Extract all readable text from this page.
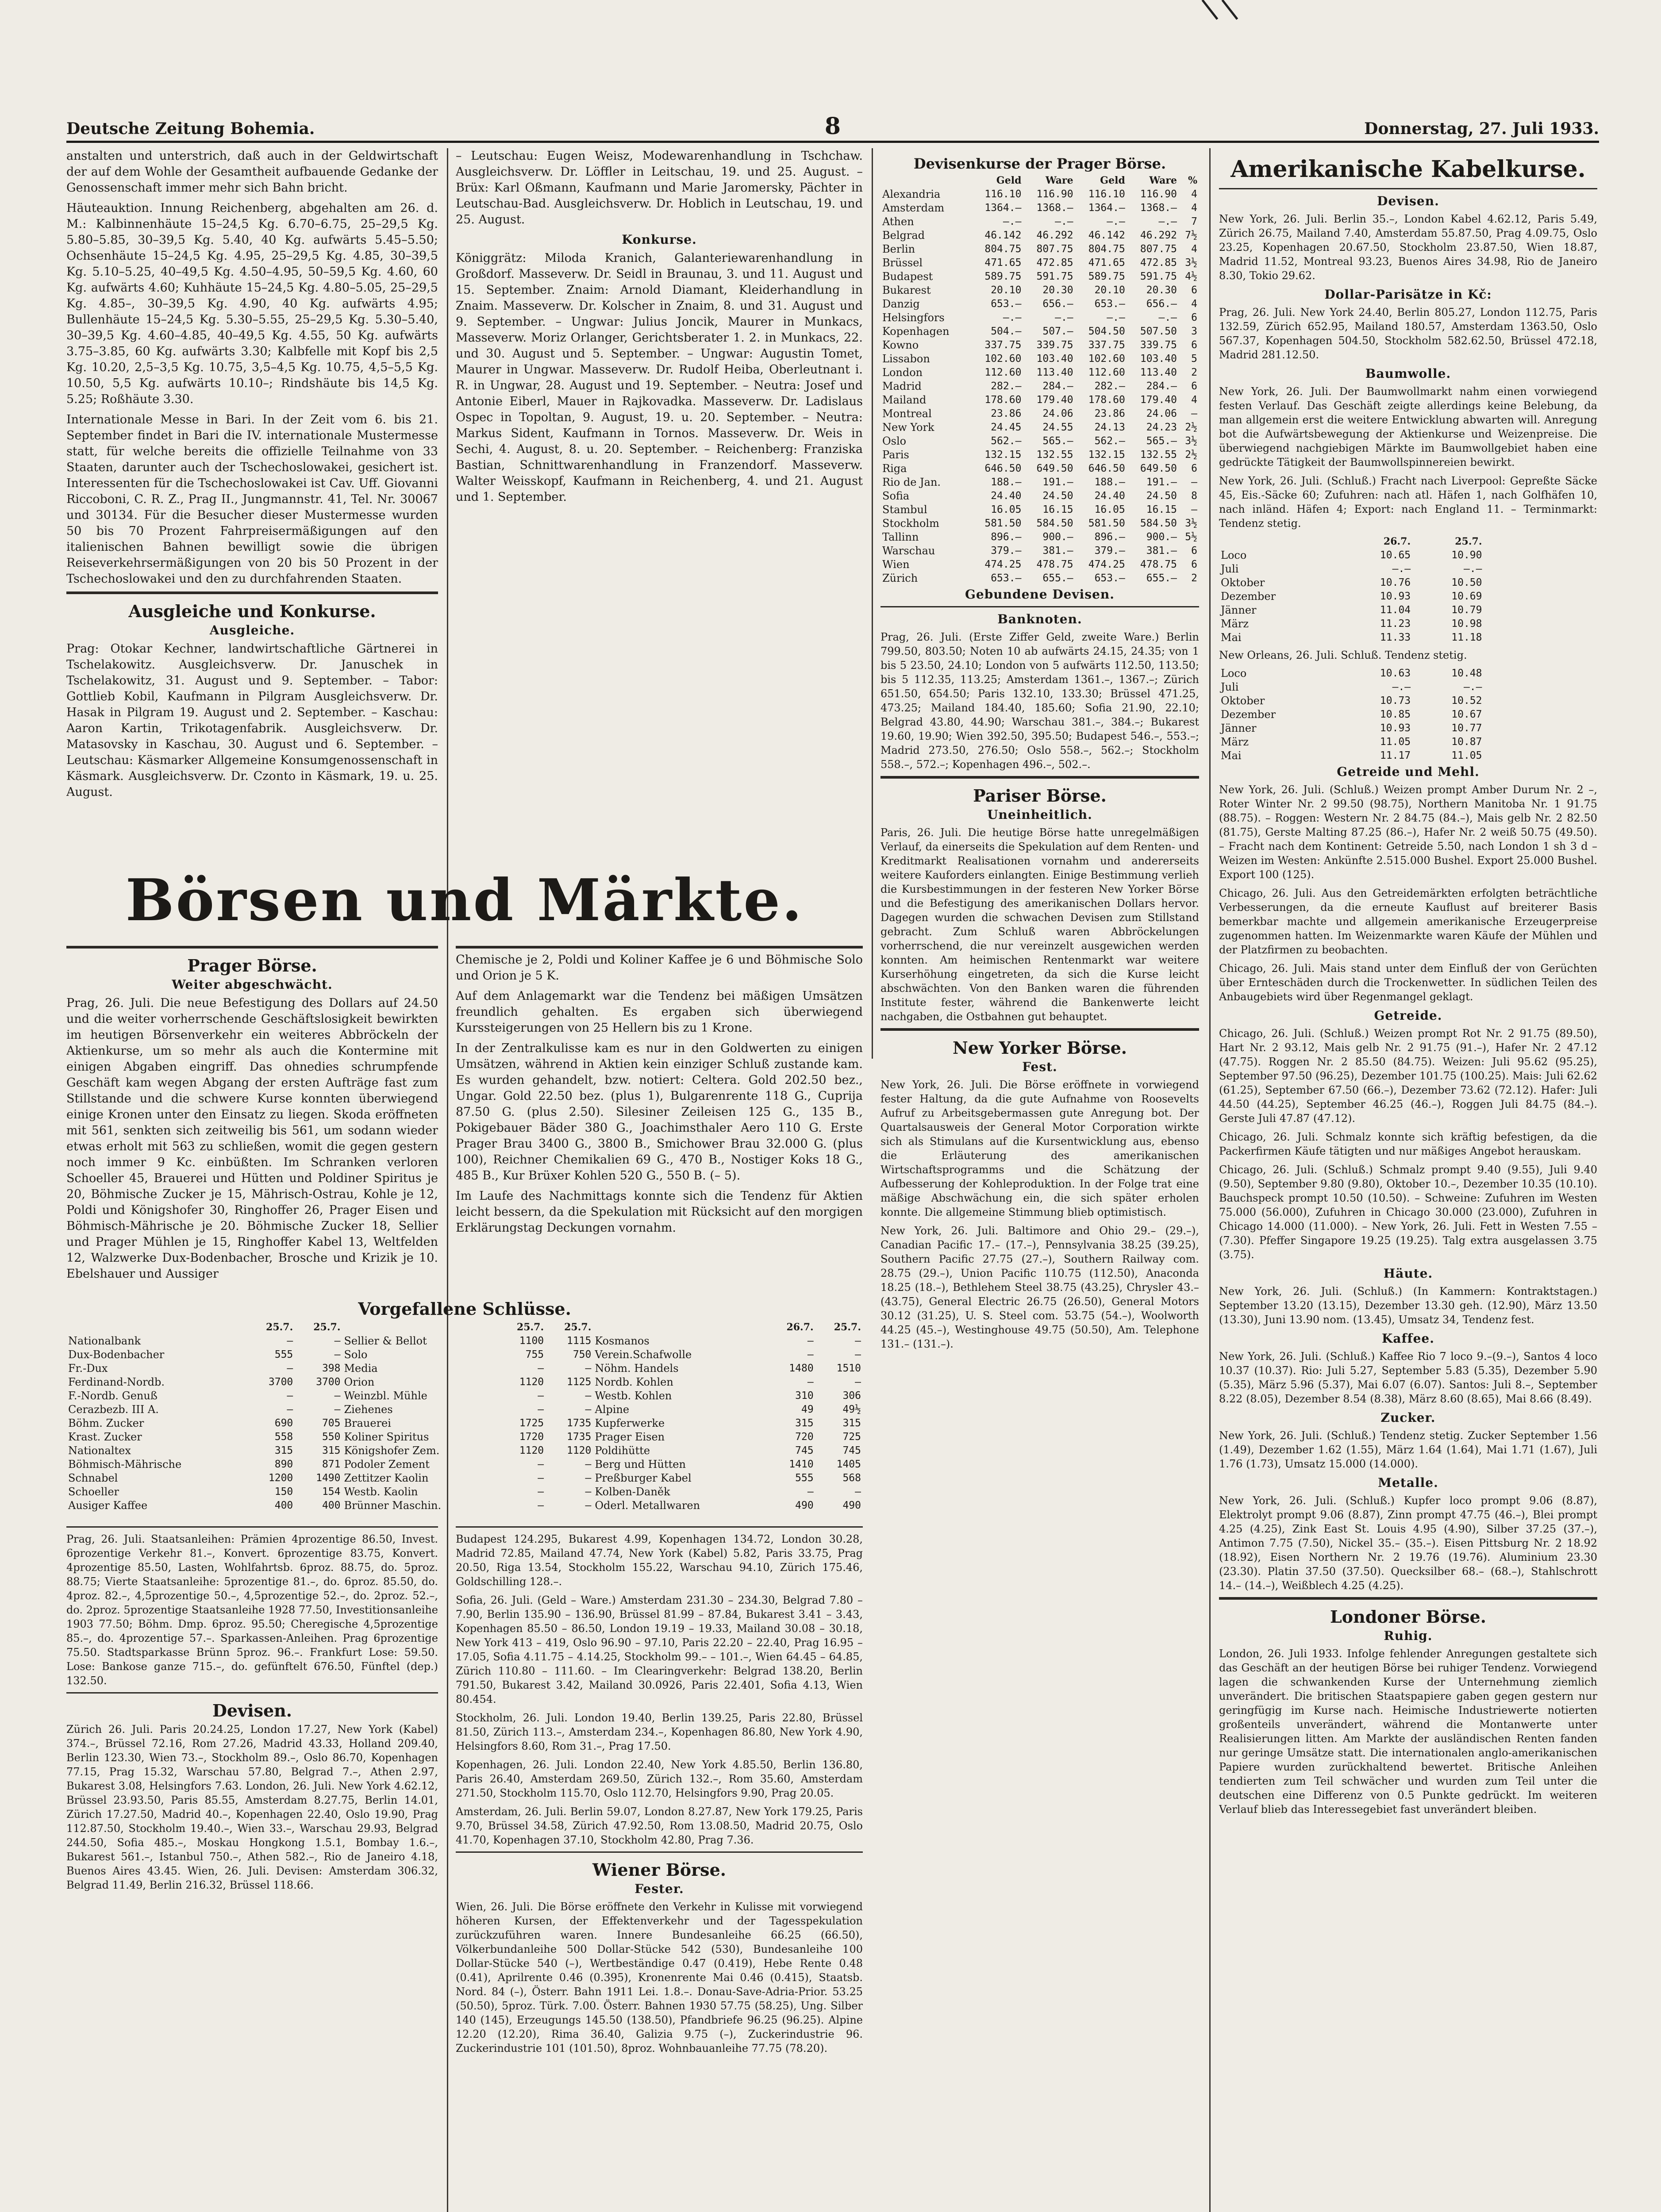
Deutsche Zeitung Bohemia.	8	Donnerstag, 27. Juli 1933.

anstalten und unterstrich, daß auch in der Geldwirtschaft der auf dem Wohle der Gesamtheit aufbauende Gedanke der Genossenschaft immer mehr sich Bahn bricht.

Häuteauktion. Innung Reichenberg, abgehalten am 26. d. M.: Kalbinnenhäute 15–24,5 Kg. 6.70–6.75, 25–29,5 Kg. 5.80–5.85, 30–39,5 Kg. 5.40, 40 Kg. aufwärts 5.45–5.50; Ochsenhäute 15–24,5 Kg. 4.95, 25–29,5 Kg. 4.85, 30–39,5 Kg. 5.10–5.25, 40–49,5 Kg. 4.50–4.95, 50–59,5 Kg. 4.60, 60 Kg. aufwärts 4.60; Kuhhäute 15–24,5 Kg. 4.80–5.05, 25–29,5 Kg. 4.85–, 30–39,5 Kg. 4.90, 40 Kg. aufwärts 4.95; Bullenhäute 15–24,5 Kg. 5.30–5.55, 25–29,5 Kg. 5.30–5.40, 30–39,5 Kg. 4.60–4.85, 40–49,5 Kg. 4.55, 50 Kg. aufwärts 3.75–3.85, 60 Kg. aufwärts 3.30; Kalbfelle mit Kopf bis 2,5 Kg. 10.20, 2,5–3,5 Kg. 10.75, 3,5–4,5 Kg. 10.75, 4,5–5,5 Kg. 10.50, 5,5 Kg. aufwärts 10.10–; Rindshäute bis 14,5 Kg. 5.25; Roßhäute 3.30.

Internationale Messe in Bari. In der Zeit vom 6. bis 21. September findet in Bari die IV. internationale Mustermesse statt, für welche bereits die offizielle Teilnahme von 33 Staaten, darunter auch der Tschechoslowakei, gesichert ist. Interessenten für die Tschechoslowakei ist Cav. Uff. Giovanni Riccoboni, C. R. Z., Prag II., Jungmannstr. 41, Tel. Nr. 30067 und 30134. Für die Besucher dieser Mustermesse wurden 50 bis 70 Prozent Fahrpreisermäßigungen auf den italienischen Bahnen bewilligt sowie die übrigen Reiseverkehrsermäßigungen von 20 bis 50 Prozent in der Tschechoslowakei und den zu durchfahrenden Staaten.

Ausgleiche und Konkurse.
Ausgleiche.

Prag: Otokar Kechner, landwirtschaftliche Gärtnerei in Tschelakowitz. Ausgleichsverw. Dr. Januschek in Tschelakowitz, 31. August und 9. September. – Tabor: Gottlieb Kobil, Kaufmann in Pilgram Ausgleichsverw. Dr. Hasak in Pilgram 19. August und 2. September. – Kaschau: Aaron Kartin, Trikotagenfabrik. Ausgleichsverw. Dr. Matasovsky in Kaschau, 30. August und 6. September. – Leutschau: Käsmarker Allgemeine Konsumgenossenschaft in Käsmark. Ausgleichsverw. Dr. Czonto in Käsmark, 19. u. 25. August.

– Leutschau: Eugen Weisz, Modewarenhandlung in Tschchaw. Ausgleichsverw. Dr. Löffler in Leitschau, 19. und 25. August. – Brüx: Karl Oßmann, Kaufmann und Marie Jaromersky, Pächter in Leutschau-Bad. Ausgleichsverw. Dr. Hoblich in Leutschau, 19. und 25. August.

Konkurse.

Königgrätz: Miloda Kranich, Galanteriewarenhandlung in Großdorf. Masseverw. Dr. Seidl in Braunau, 3. und 11. August und 15. September. Znaim: Arnold Diamant, Kleiderhandlung in Znaim. Masseverw. Dr. Kolscher in Znaim, 8. und 31. August und 9. September. – Ungwar: Julius Joncik, Maurer in Munkacs, Masseverw. Moriz Orlanger, Gerichtsberater 1. 2. in Munkacs, 22. und 30. August und 5. September. – Ungwar: Augustin Tomet, Maurer in Ungwar. Masseverw. Dr. Rudolf Heiba, Oberleutnant i. R. in Ungwar, 28. August und 19. September. – Neutra: Josef und Antonie Eiberl, Mauer in Rajkovadka. Masseverw. Dr. Ladislaus Ospec in Topoltan, 9. August, 19. u. 20. September. – Neutra: Markus Sident, Kaufmann in Tornos. Masseverw. Dr. Weis in Sechi, 4. August, 8. u. 20. September. – Reichenberg: Franziska Bastian, Schnittwarenhandlung in Franzendorf. Masseverw. Walter Weisskopf, Kaufmann in Reichenberg, 4. und 21. August und 1. September.

Börsen und Märkte.
Prager Börse.
Weiter abgeschwächt.

Prag, 26. Juli. Die neue Befestigung des Dollars auf 24.50 und die weiter vorherrschende Geschäftslosigkeit bewirkten im heutigen Börsenverkehr ein weiteres Abbröckeln der Aktienkurse, um so mehr als auch die Kontermine mit einigen Abgaben eingriff. Das ohnedies schrumpfende Geschäft kam wegen Abgang der ersten Aufträge fast zum Stillstande und die schwere Kurse konnten überwiegend einige Kronen unter den Einsatz zu liegen. Skoda eröffneten mit 561, senkten sich zeitweilig bis 561, um sodann wieder etwas erholt mit 563 zu schließen, womit die gegen gestern noch immer 9 Kc. einbüßten. Im Schranken verloren Schoeller 45, Brauerei und Hütten und Poldiner Spiritus je 20, Böhmische Zucker je 15, Mährisch-Ostrau, Kohle je 12, Poldi und Königshofer 30, Ringhoffer 26, Prager Eisen und Böhmisch-Mährische je 20. Böhmische Zucker 18, Sellier und Prager Mühlen je 15, Ringhoffer Kabel 13, Weltfelden 12, Walzwerke Dux-Bodenbacher, Brosche und Krizik je 10. Ebelshauer und Aussiger

Chemische je 2, Poldi und Koliner Kaffee je 6 und Böhmische Solo und Orion je 5 K.

Auf dem Anlagemarkt war die Tendenz bei mäßigen Umsätzen freundlich gehalten. Es ergaben sich überwiegend Kurssteigerungen von 25 Hellern bis zu 1 Krone.

In der Zentralkulisse kam es nur in den Goldwerten zu einigen Umsätzen, während in Aktien kein einziger Schluß zustande kam. Es wurden gehandelt, bzw. notiert: Celtera. Gold 202.50 bez., Ungar. Gold 22.50 bez. (plus 1), Bulgarenrente 118 G., Cuprija 87.50 G. (plus 2.50). Silesiner Zeileisen 125 G., 135 B., Pokigebauer Bäder 380 G., Joachimsthaler Aero 110 G. Erste Prager Brau 3400 G., 3800 B., Smichower Brau 32.000 G. (plus 100), Reichner Chemikalien 69 G., 470 B., Nostiger Koks 18 G., 485 B., Kur Brüxer Kohlen 520 G., 550 B. (– 5).

Im Laufe des Nachmittags konnte sich die Tendenz für Aktien leicht bessern, da die Spekulation mit Rücksicht auf den morgigen Erklärungstag Deckungen vornahm.

Vorgefallene Schlüsse.
	25.7.	25.7.		25.7.	25.7.		26.7.	25.7.
Nationalbank	–	–	Sellier & Bellot	1100	1115	Kosmanos	–	–
Dux-Bodenbacher	555	–	Solo	755	750	Verein.Schafwolle	–	–
Fr.-Dux	–	398	Media	–	–	Nöhm. Handels	1480	1510
Ferdinand-Nordb.	3700	3700	Orion	1120	1125	Nordb. Kohlen	–	–
F.-Nordb. Genuß	–	–	Weinzbl. Mühle	–	–	Westb. Kohlen	310	306
Cerazbezb. III A.	–	–	Ziehenes	–	–	Alpine	49	49½
Böhm. Zucker	690	705	Brauerei	1725	1735	Kupferwerke	315	315
Krast. Zucker	558	550	Koliner Spiritus	1720	1735	Prager Eisen	720	725
Nationaltex	315	315	Königshofer Zem.	1120	1120	Poldihütte	745	745
Böhmisch-Mährische	890	871	Podoler Zement	–	–	Berg und Hütten	1410	1405
Schnabel	1200	1490	Zettitzer Kaolin	–	–	Preßburger Kabel	555	568
Schoeller	150	154	Westb. Kaolin	–	–	Kolben-Daněk	–	–
Ausiger Kaffee	400	400	Brünner Maschin.	–	–	Oderl. Metallwaren	490	490

Prag, 26. Juli. Staatsanleihen: Prämien 4prozentige 86.50, Invest. 6prozentige Verkehr 81.–, Konvert. 6prozentige 83.75, Konvert. 4prozentige 85.50, Lasten, Wohlfahrtsb. 6proz. 88.75, do. 5proz. 88.75; Vierte Staatsanleihe: 5prozentige 81.–, do. 6proz. 85.50, do. 4proz. 82.–, 4,5prozentige 50.–, 4,5prozentige 52.–, do. 2proz. 52.–, do. 2proz. 5prozentige Staatsanleihe 1928 77.50, Investitionsanleihe 1903 77.50; Böhm. Dmp. 6proz. 95.50; Cheregische 4,5prozentige 85.–, do. 4prozentige 57.–. Sparkassen-Anleihen. Prag 6prozentige 75.50. Stadtsparkasse Brünn 5proz. 96.–. Frankfurt Lose: 59.50. Lose: Bankose ganze 715.–, do. gefünftelt 676.50, Fünftel (dep.) 132.50.

Devisen.

Zürich 26. Juli. Paris 20.24.25, London 17.27, New York (Kabel) 374.–, Brüssel 72.16, Rom 27.26, Madrid 43.33, Holland 209.40, Berlin 123.30, Wien 73.–, Stockholm 89.–, Oslo 86.70, Kopenhagen 77.15, Prag 15.32, Warschau 57.80, Belgrad 7.–, Athen 2.97, Bukarest 3.08, Helsingfors 7.63. London, 26. Juli. New York 4.62.12, Brüssel 23.93.50, Paris 85.55, Amsterdam 8.27.75, Berlin 14.01, Zürich 17.27.50, Madrid 40.–, Kopenhagen 22.40, Oslo 19.90, Prag 112.87.50, Stockholm 19.40.–, Wien 33.–, Warschau 29.93, Belgrad 244.50, Sofia 485.–, Moskau Hongkong 1.5.1, Bombay 1.6.–, Bukarest 561.–, Istanbul 750.–, Athen 582.–, Rio de Janeiro 4.18, Buenos Aires 43.45. Wien, 26. Juli. Devisen: Amsterdam 306.32, Belgrad 11.49, Berlin 216.32, Brüssel 118.66.

Budapest 124.295, Bukarest 4.99, Kopenhagen 134.72, London 30.28, Madrid 72.85, Mailand 47.74, New York (Kabel) 5.82, Paris 33.75, Prag 20.50, Riga 13.54, Stockholm 155.22, Warschau 94.10, Zürich 175.46, Goldschilling 128.–.

Sofia, 26. Juli. (Geld – Ware.) Amsterdam 231.30 – 234.30, Belgrad 7.80 – 7.90, Berlin 135.90 – 136.90, Brüssel 81.99 – 87.84, Bukarest 3.41 – 3.43, Kopenhagen 85.50 – 86.50, London 19.19 – 19.33, Mailand 30.08 – 30.18, New York 413 – 419, Oslo 96.90 – 97.10, Paris 22.20 – 22.40, Prag 16.95 – 17.05, Sofia 4.11.75 – 4.14.25, Stockholm 99.– – 101.–, Wien 64.45 – 64.85, Zürich 110.80 – 111.60. – Im Clearingverkehr: Belgrad 138.20, Berlin 791.50, Bukarest 3.42, Mailand 30.0926, Paris 22.401, Sofia 4.13, Wien 80.454.

Stockholm, 26. Juli. London 19.40, Berlin 139.25, Paris 22.80, Brüssel 81.50, Zürich 113.–, Amsterdam 234.–, Kopenhagen 86.80, New York 4.90, Helsingfors 8.60, Rom 31.–, Prag 17.50.

Kopenhagen, 26. Juli. London 22.40, New York 4.85.50, Berlin 136.80, Paris 26.40, Amsterdam 269.50, Zürich 132.–, Rom 35.60, Amsterdam 271.50, Stockholm 115.70, Oslo 112.70, Helsingfors 9.90, Prag 20.05.

Amsterdam, 26. Juli. Berlin 59.07, London 8.27.87, New York 179.25, Paris 9.70, Brüssel 34.58, Zürich 47.92.50, Rom 13.08.50, Madrid 20.75, Oslo 41.70, Kopenhagen 37.10, Stockholm 42.80, Prag 7.36.

Wiener Börse.
Fester.

Wien, 26. Juli. Die Börse eröffnete den Verkehr in Kulisse mit vorwiegend höheren Kursen, der Effektenverkehr und der Tagesspekulation zurückzuführen waren. Innere Bundesanleihe 66.25 (66.50), Völkerbundanleihe 500 Dollar-Stücke 542 (530), Bundesanleihe 100 Dollar-Stücke 540 (–), Wertbeständige 0.47 (0.419), Hebe Rente 0.48 (0.41), Aprilrente 0.46 (0.395), Kronenrente Mai 0.46 (0.415), Staatsb. Nord. 84 (–), Österr. Bahn 1911 Lei. 1.8.–. Donau-Save-Adria-Prior. 53.25 (50.50), 5proz. Türk. 7.00. Österr. Bahnen 1930 57.75 (58.25), Ung. Silber 140 (145), Erzeugungs 145.50 (138.50), Pfandbriefe 96.25 (96.25). Alpine 12.20 (12.20), Rima 36.40, Galizia 9.75 (–), Zuckerindustrie 96. Zuckerindustrie 101 (101.50), 8proz. Wohnbauanleihe 77.75 (78.20).

Devisenkurse der Prager Börse.
	Geld	Ware	Geld	Ware	%
Alexandria	116.10	116.90	116.10	116.90	4
Amsterdam	1364.–	1368.–	1364.–	1368.–	4
Athen	–.–	–.–	–.–	–.–	7
Belgrad	46.142	46.292	46.142	46.292	7½
Berlin	804.75	807.75	804.75	807.75	4
Brüssel	471.65	472.85	471.65	472.85	3½
Budapest	589.75	591.75	589.75	591.75	4½
Bukarest	20.10	20.30	20.10	20.30	6
Danzig	653.–	656.–	653.–	656.–	4
Helsingfors	–.–	–.–	–.–	–.–	6
Kopenhagen	504.–	507.–	504.50	507.50	3
Kowno	337.75	339.75	337.75	339.75	6
Lissabon	102.60	103.40	102.60	103.40	5
London	112.60	113.40	112.60	113.40	2
Madrid	282.–	284.–	282.–	284.–	6
Mailand	178.60	179.40	178.60	179.40	4
Montreal	23.86	24.06	23.86	24.06	–
New York	24.45	24.55	24.13	24.23	2½
Oslo	562.–	565.–	562.–	565.–	3½
Paris	132.15	132.55	132.15	132.55	2½
Riga	646.50	649.50	646.50	649.50	6
Rio de Jan.	188.–	191.–	188.–	191.–	–
Sofia	24.40	24.50	24.40	24.50	8
Stambul	16.05	16.15	16.05	16.15	–
Stockholm	581.50	584.50	581.50	584.50	3½
Tallinn	896.–	900.–	896.–	900.–	5½
Warschau	379.–	381.–	379.–	381.–	6
Wien	474.25	478.75	474.25	478.75	6
Zürich	653.–	655.–	653.–	655.–	2
Gebundene Devisen.
Banknoten.

Prag, 26. Juli. (Erste Ziffer Geld, zweite Ware.) Berlin 799.50, 803.50; Noten 10 ab aufwärts 24.15, 24.35; von 1 bis 5 23.50, 24.10; London von 5 aufwärts 112.50, 113.50; bis 5 112.35, 113.25; Amsterdam 1361.–, 1367.–; Zürich 651.50, 654.50; Paris 132.10, 133.30; Brüssel 471.25, 473.25; Mailand 184.40, 185.60; Sofia 21.90, 22.10; Belgrad 43.80, 44.90; Warschau 381.–, 384.–; Bukarest 19.60, 19.90; Wien 392.50, 395.50; Budapest 546.–, 553.–; Madrid 273.50, 276.50; Oslo 558.–, 562.–; Stockholm 558.–, 572.–; Kopenhagen 496.–, 502.–.

Pariser Börse.
Uneinheitlich.

Paris, 26. Juli. Die heutige Börse hatte unregelmäßigen Verlauf, da einerseits die Spekulation auf dem Renten- und Kreditmarkt Realisationen vornahm und andererseits weitere Kauforders einlangten. Einige Bestimmung verlieh die Kursbestimmungen in der festeren New Yorker Börse und die Befestigung des amerikanischen Dollars hervor. Dagegen wurden die schwachen Devisen zum Stillstand gebracht. Zum Schluß waren Abbröckelungen vorherrschend, die nur vereinzelt ausgewichen werden konnten. Am heimischen Rentenmarkt war weitere Kurserhöhung eingetreten, da sich die Kurse leicht abschwächten. Von den Banken waren die führenden Institute fester, während die Bankenwerte leicht nachgaben, die Ostbahnen gut behauptet.

New Yorker Börse.
Fest.

New York, 26. Juli. Die Börse eröffnete in vorwiegend fester Haltung, da die gute Aufnahme von Roosevelts Aufruf zu Arbeitsgebermassen gute Anregung bot. Der Quartalsausweis der General Motor Corporation wirkte sich als Stimulans auf die Kursentwicklung aus, ebenso die Erläuterung des amerikanischen Wirtschaftsprogramms und die Schätzung der Aufbesserung der Kohleproduktion. In der Folge trat eine mäßige Abschwächung ein, die sich später erholen konnte. Die allgemeine Stimmung blieb optimistisch.

New York, 26. Juli. Baltimore and Ohio 29.– (29.–), Canadian Pacific 17.– (17.–), Pennsylvania 38.25 (39.25), Southern Pacific 27.75 (27.–), Southern Railway com. 28.75 (29.–), Union Pacific 110.75 (112.50), Anaconda 18.25 (18.–), Bethlehem Steel 38.75 (43.25), Chrysler 43.– (43.75), General Electric 26.75 (26.50), General Motors 30.12 (31.25), U. S. Steel com. 53.75 (54.–), Woolworth 44.25 (45.–), Westinghouse 49.75 (50.50), Am. Telephone 131.– (131.–).

Amerikanische Kabelkurse.
Devisen.

New York, 26. Juli. Berlin 35.–, London Kabel 4.62.12, Paris 5.49, Zürich 26.75, Mailand 7.40, Amsterdam 55.87.50, Prag 4.09.75, Oslo 23.25, Kopenhagen 20.67.50, Stockholm 23.87.50, Wien 18.87, Madrid 11.52, Montreal 93.23, Buenos Aires 34.98, Rio de Janeiro 8.30, Tokio 29.62.

Dollar-Parisätze in Kč:

Prag, 26. Juli. New York 24.40, Berlin 805.27, London 112.75, Paris 132.59, Zürich 652.95, Mailand 180.57, Amsterdam 1363.50, Oslo 567.37, Kopenhagen 504.50, Stockholm 582.62.50, Brüssel 472.18, Madrid 281.12.50.

Baumwolle.

New York, 26. Juli. Der Baumwollmarkt nahm einen vorwiegend festen Verlauf. Das Geschäft zeigte allerdings keine Belebung, da man allgemein erst die weitere Entwicklung abwarten will. Anregung bot die Aufwärtsbewegung der Aktienkurse und Weizenpreise. Die überwiegend nachgiebigen Märkte im Baumwollgebiet haben eine gedrückte Tätigkeit der Baumwollspinnereien bewirkt.

New York, 26. Juli. (Schluß.) Fracht nach Liverpool: Gepreßte Säcke 45, Eis.-Säcke 60; Zufuhren: nach atl. Häfen 1, nach Golfhäfen 10, nach inländ. Häfen 4; Export: nach England 11. – Terminmarkt: Tendenz stetig.

	26.7.	25.7.
Loco	10.65	10.90
Juli	–.–	–.–
Oktober	10.76	10.50
Dezember	10.93	10.69
Jänner	11.04	10.79
März	11.23	10.98
Mai	11.33	11.18

New Orleans, 26. Juli. Schluß. Tendenz stetig.

Loco	10.63	10.48
Juli	–.–	–.–
Oktober	10.73	10.52
Dezember	10.85	10.67
Jänner	10.93	10.77
März	11.05	10.87
Mai	11.17	11.05
Getreide und Mehl.

New York, 26. Juli. (Schluß.) Weizen prompt Amber Durum Nr. 2 –, Roter Winter Nr. 2 99.50 (98.75), Northern Manitoba Nr. 1 91.75 (88.75). – Roggen: Western Nr. 2 84.75 (84.–), Mais gelb Nr. 2 82.50 (81.75), Gerste Malting 87.25 (86.–), Hafer Nr. 2 weiß 50.75 (49.50). – Fracht nach dem Kontinent: Getreide 5.50, nach London 1 sh 3 d – Weizen im Westen: Ankünfte 2.515.000 Bushel. Export 25.000 Bushel. Export 100 (125).

Chicago, 26. Juli. Aus den Getreidemärkten erfolgten beträchtliche Verbesserungen, da die erneute Kauflust auf breiterer Basis bemerkbar machte und allgemein amerikanische Erzeugerpreise zugenommen hatten. Im Weizenmarkte waren Käufe der Mühlen und der Platzfirmen zu beobachten.

Chicago, 26. Juli. Mais stand unter dem Einfluß der von Gerüchten über Ernteschäden durch die Trockenwetter. In südlichen Teilen des Anbaugebiets wird über Regenmangel geklagt.

Getreide.

Chicago, 26. Juli. (Schluß.) Weizen prompt Rot Nr. 2 91.75 (89.50), Hart Nr. 2 93.12, Mais gelb Nr. 2 91.75 (91.–), Hafer Nr. 2 47.12 (47.75). Roggen Nr. 2 85.50 (84.75). Weizen: Juli 95.62 (95.25), September 97.50 (96.25), Dezember 101.75 (100.25). Mais: Juli 62.62 (61.25), September 67.50 (66.–), Dezember 73.62 (72.12). Hafer: Juli 44.50 (44.25), September 46.25 (46.–), Roggen Juli 84.75 (84.–). Gerste Juli 47.87 (47.12).

Chicago, 26. Juli. Schmalz konnte sich kräftig befestigen, da die Packerfirmen Käufe tätigten und nur mäßiges Angebot herauskam.

Chicago, 26. Juli. (Schluß.) Schmalz prompt 9.40 (9.55), Juli 9.40 (9.50), September 9.80 (9.80), Oktober 10.–, Dezember 10.35 (10.10). Bauchspeck prompt 10.50 (10.50). – Schweine: Zufuhren im Westen 75.000 (56.000), Zufuhren in Chicago 30.000 (23.000), Zufuhren in Chicago 14.000 (11.000). – New York, 26. Juli. Fett in Westen 7.55 – (7.30). Pfeffer Singapore 19.25 (19.25). Talg extra ausgelassen 3.75 (3.75).

Häute.

New York, 26. Juli. (Schluß.) (In Kammern: Kontraktstagen.) September 13.20 (13.15), Dezember 13.30 geh. (12.90), März 13.50 (13.30), Juni 13.90 nom. (13.45), Umsatz 34, Tendenz fest.

Kaffee.

New York, 26. Juli. (Schluß.) Kaffee Rio 7 loco 9.–(9.–), Santos 4 loco 10.37 (10.37). Rio: Juli 5.27, September 5.83 (5.35), Dezember 5.90 (5.35), März 5.96 (5.37), Mai 6.07 (6.07). Santos: Juli 8.–, September 8.22 (8.05), Dezember 8.54 (8.38), März 8.60 (8.65), Mai 8.66 (8.49).

Zucker.

New York, 26. Juli. (Schluß.) Tendenz stetig. Zucker September 1.56 (1.49), Dezember 1.62 (1.55), März 1.64 (1.64), Mai 1.71 (1.67), Juli 1.76 (1.73), Umsatz 15.000 (14.000).

Metalle.

New York, 26. Juli. (Schluß.) Kupfer loco prompt 9.06 (8.87), Elektrolyt prompt 9.06 (8.87), Zinn prompt 47.75 (46.–), Blei prompt 4.25 (4.25), Zink East St. Louis 4.95 (4.90), Silber 37.25 (37.–), Antimon 7.75 (7.50), Nickel 35.– (35.–). Eisen Pittsburg Nr. 2 18.92 (18.92), Eisen Northern Nr. 2 19.76 (19.76). Aluminium 23.30 (23.30). Platin 37.50 (37.50). Quecksilber 68.– (68.–), Stahlschrott 14.– (14.–), Weißblech 4.25 (4.25).

Londoner Börse.
Ruhig.

London, 26. Juli 1933. Infolge fehlender Anregungen gestaltete sich das Geschäft an der heutigen Börse bei ruhiger Tendenz. Vorwiegend lagen die schwankenden Kurse der Unternehmung ziemlich unverändert. Die britischen Staatspapiere gaben gegen gestern nur geringfügig im Kurse nach. Heimische Industriewerte notierten großenteils unverändert, während die Montanwerte unter Realisierungen litten. Am Markte der ausländischen Renten fanden nur geringe Umsätze statt. Die internationalen anglo-amerikanischen Papiere wurden zurückhaltend bewertet. Britische Anleihen tendierten zum Teil schwächer und wurden zum Teil unter die deutschen eine Differenz von 0.5 Punkte gedrückt. Im weiteren Verlauf blieb das Interessegebiet fast unverändert bleiben.
